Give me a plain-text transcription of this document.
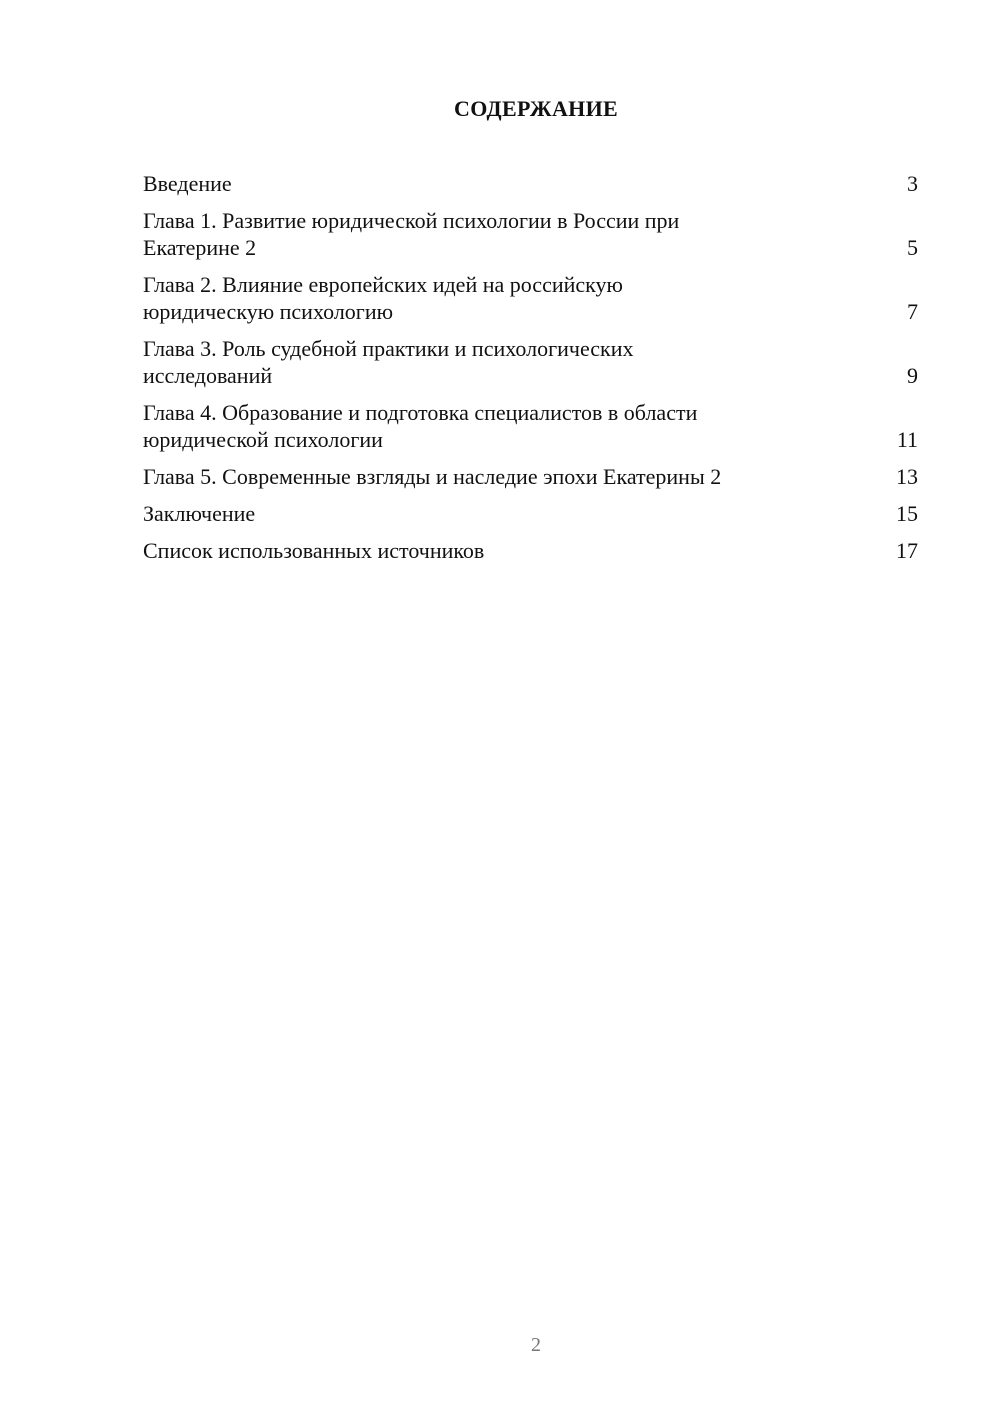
СОДЕРЖАНИЕ
Введение	3
Глава 1. Развитие юридической психологии в России при
Екатерине 2	5
Глава 2. Влияние европейских идей на российскую
юридическую психологию	7
Глава 3. Роль судебной практики и психологических
исследований	9
Глава 4. Образование и подготовка специалистов в области
юридической психологии	11
Глава 5. Современные взгляды и наследие эпохи Екатерины 2	13
Заключение	15
Список использованных источников	17
2
